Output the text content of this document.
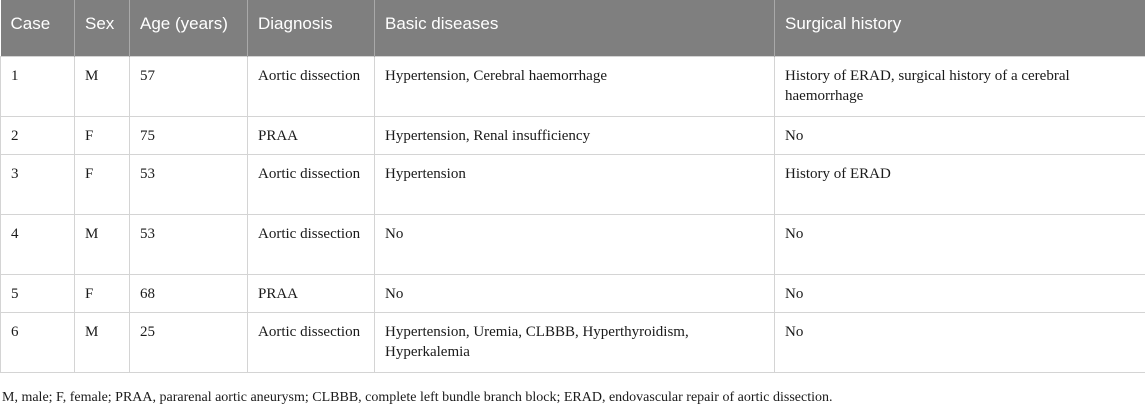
Case	Sex	Age (years)	Diagnosis	Basic diseases	Surgical history
1	M	57	Aortic dissection	Hypertension, Cerebral haemorrhage	History of ERAD, surgical history of a cerebral haemorrhage
2	F	75	PRAA	Hypertension, Renal insufficiency	No
3	F	53	Aortic dissection	Hypertension	History of ERAD
4	M	53	Aortic dissection	No	No
5	F	68	PRAA	No	No
6	M	25	Aortic dissection	Hypertension, Uremia, CLBBB, Hyperthyroidism, Hyperkalemia	No
M, male; F, female; PRAA, pararenal aortic aneurysm; CLBBB, complete left bundle branch block; ERAD, endovascular repair of aortic dissection.
